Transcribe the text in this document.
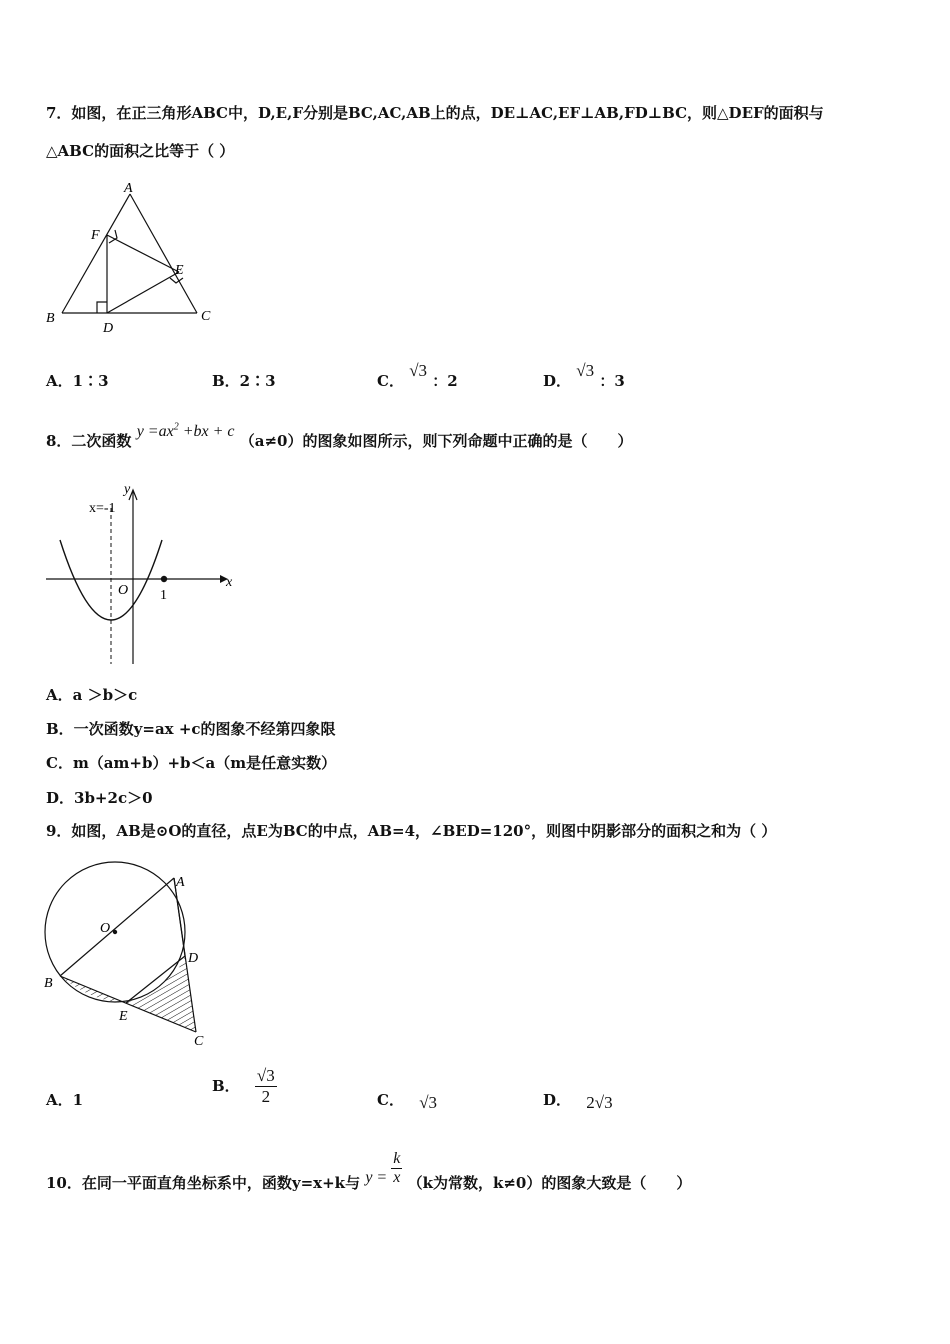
7．如图，在正三角形ABC中，D,E,F分别是BC,AC,AB上的点，DE⊥AC,EF⊥AB,FD⊥BC，则△DEF的面积与
△ABC的面积之比等于（ ）
A
B	C
D
E
F
A．1∶3	B．2∶3	C． √3 ：2	D． √3 ：3
8．二次函数 $y =ax^2 +bx + c$ （a≠0）的图象如图所示，则下列命题中正确的是（　　）
x=-1
y
x
O 1
A．a ＞b＞c
B．一次函数y=ax +c的图象不经第四象限
C．m（am+b）+b＜a（m是任意实数）
D．3b+2c＞0
9．如图，AB是⊙O的直径，点E为BC的中点，AB=4，∠BED=120°，则图中阴影部分的面积之和为（ ）
A
B
C
D
E
O
A．1
B． $\frac{√3}{2}$	C． √3	D． 2√3
10．在同一平面直角坐标系中，函数y=x+k与 $y = \frac{k}{x} (k$为常数，k≠0）的图象大致是（　　）
